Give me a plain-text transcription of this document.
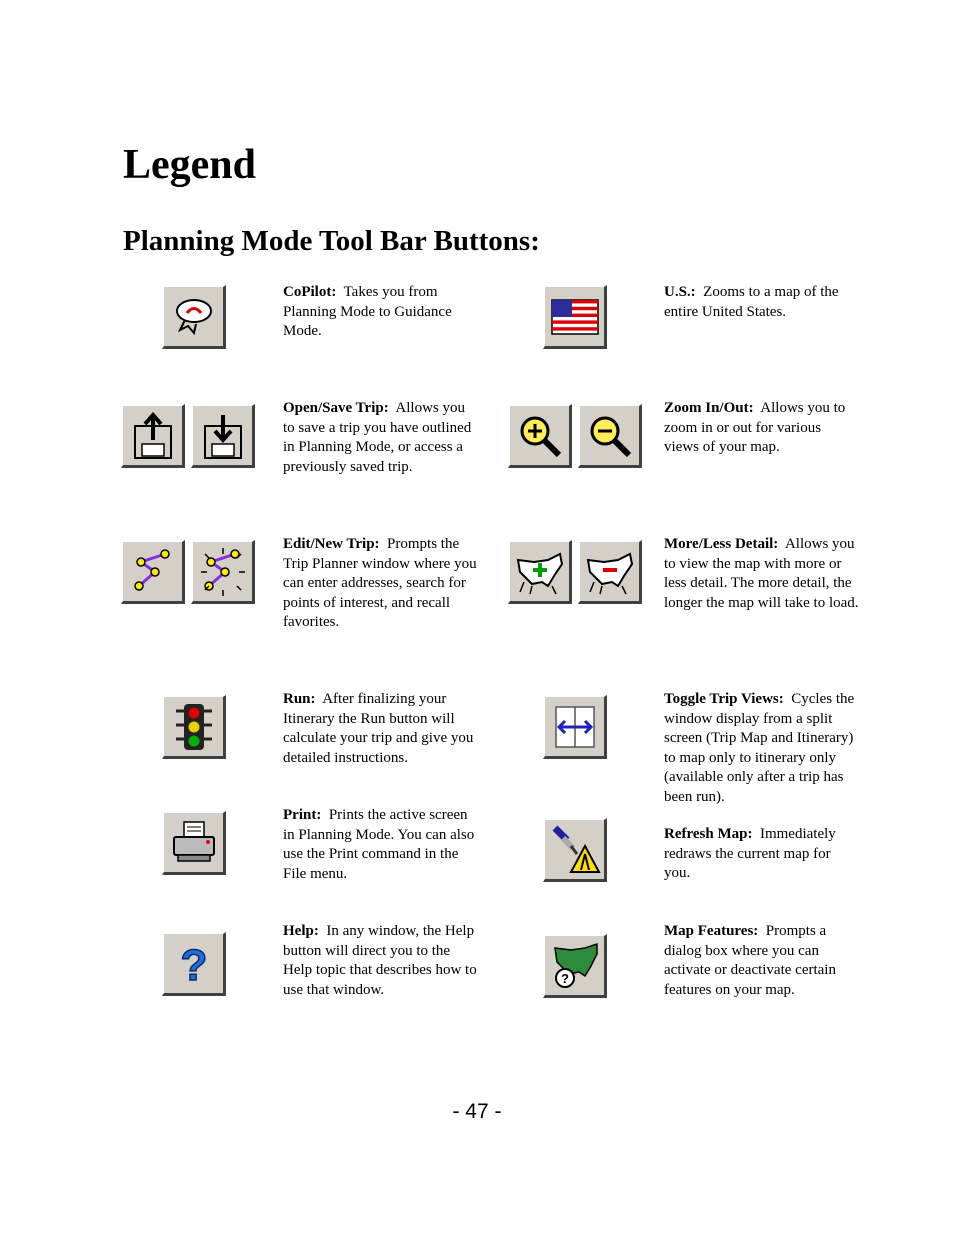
Legend
Planning Mode Tool Bar Buttons:

CoPilot: Takes you from Planning Mode to Guidance Mode.

U.S.: Zooms to a map of the entire United States.

Open/Save Trip: Allows you to save a trip you have outlined in Planning Mode, or access a previously saved trip.

Zoom In/Out: Allows you to zoom in or out for various views of your map.

Edit/New Trip: Prompts the Trip Planner window where you can enter addresses, search for points of interest, and recall favorites.

More/Less Detail: Allows you to view the map with more or less detail. The more detail, the longer the map will take to load.

Run: After finalizing your Itinerary the Run button will calculate your trip and give you detailed instructions.

Toggle Trip Views: Cycles the window display from a split screen (Trip Map and Itinerary) to map only to itinerary only (available only after a trip has been run).

Print: Prints the active screen in Planning Mode. You can also use the Print command in the File menu.

Refresh Map: Immediately redraws the current map for you.

?

Help: In any window, the Help button will direct you to the Help topic that describes how to use that window.

?

Map Features: Prompts a dialog box where you can activate or deactivate certain features on your map.

- 47 -
